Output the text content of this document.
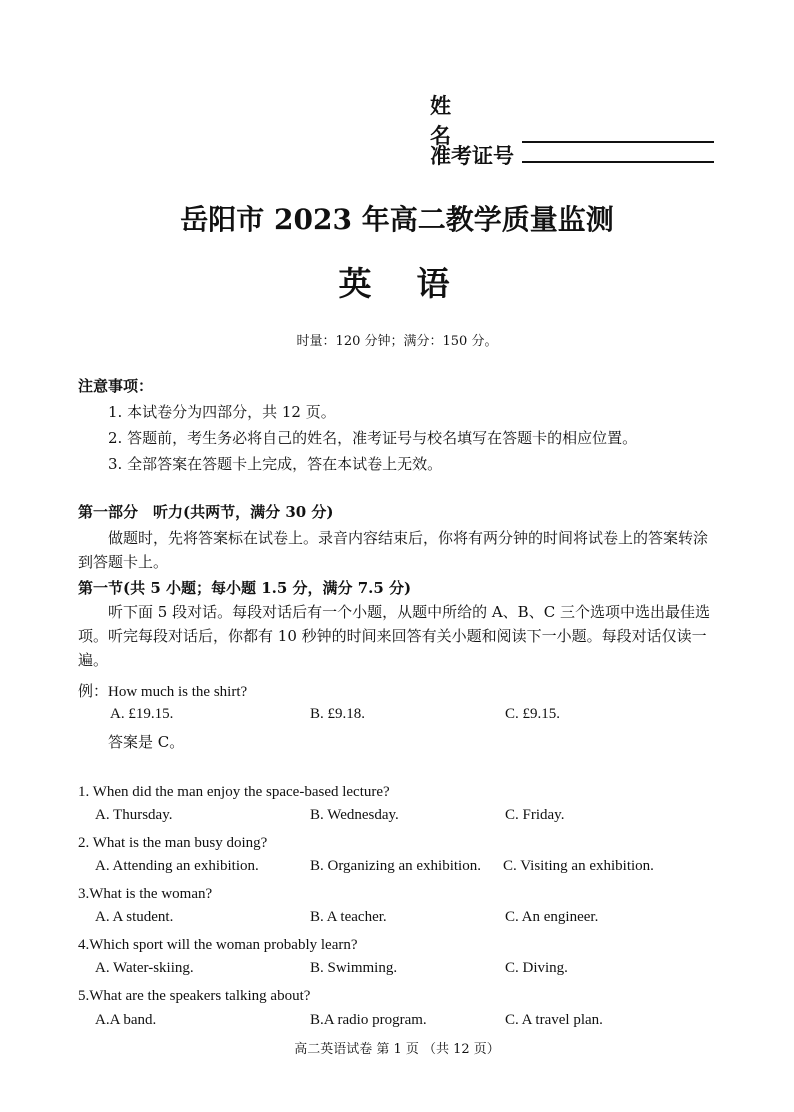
姓名
准考证号
岳阳市 2023 年高二教学质量监测
英　语
时量：120 分钟；满分：150 分。
注意事项：
1. 本试卷分为四部分，共 12 页。
2. 答题前，考生务必将自己的姓名，准考证号与校名填写在答题卡的相应位置。
3. 全部答案在答题卡上完成，答在本试卷上无效。
第一部分　听力(共两节，满分 30 分)
做题时，先将答案标在试卷上。录音内容结束后，你将有两分钟的时间将试卷上的答案转涂到答题卡上。
第一节(共 5 小题；每小题 1.5 分，满分 7.5 分)
听下面 5 段对话。每段对话后有一个小题，从题中所给的 A、B、C 三个选项中选出最佳选项。听完每段对话后，你都有 10 秒钟的时间来回答有关小题和阅读下一小题。每段对话仅读一遍。
例：How much is the shirt?
A. £19.15.	B. £9.18.	C. £9.15.
答案是 C。
1. When did the man enjoy the space-based lecture?
A. Thursday.	B. Wednesday.	C. Friday.
2. What is the man busy doing?
A. Attending an exhibition.	B. Organizing an exhibition. C. Visiting an exhibition.
3.What is the woman?
A. A student.	B. A teacher.	C. An engineer.
4.Which sport will the woman probably learn?
A. Water-skiing.	B. Swimming.	C. Diving.
5.What are the speakers talking about?
A.A band.	B.A radio program.	C. A travel plan.
高二英语试卷 第 1 页 （共 12 页）
